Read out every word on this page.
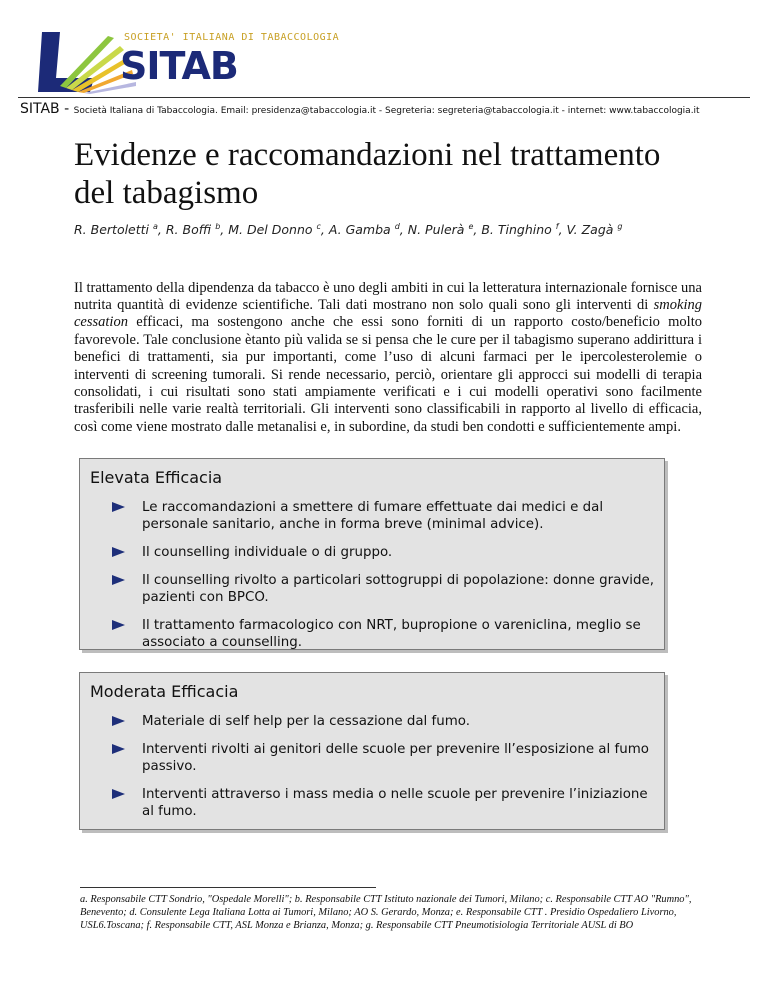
SOCIETA' ITALIANA DI TABACCOLOGIA
SITAB
SITAB - Società Italiana di Tabaccologia. Email: presidenza@tabaccologia.it - Segreteria: segreteria@tabaccologia.it - internet: www.tabaccologia.it
Evidenze e raccomandazioni nel trattamento del tabagismo
R. Bertoletti $^a$, R. Boffi $^b$, M. Del Donno $^c$, A. Gamba $^d$, N. Pulerà $^e$, B. Tinghino $^f$, V. Zagà $^g$

Il trattamento della dipendenza da tabacco è uno degli ambiti in cui la letteratura internazionale fornisce una nutrita quantità di evidenze scientifiche. Tali dati mostrano non solo quali sono gli interventi di smoking cessation efficaci, ma sostengono anche che essi sono forniti di un rapporto costo/beneficio molto favorevole. Tale conclusione ètanto più valida se si pensa che le cure per il tabagismo superano addirittura i benefici di trattamenti, sia pur importanti, come l’uso di alcuni farmaci per le ipercolesterolemie o interventi di screening tumorali. Si rende necessario, perciò, orientare gli approcci sui modelli di terapia consolidati, i cui risultati sono stati ampiamente verificati e i cui modelli operativi sono facilmente trasferibili nelle varie realtà territoriali. Gli interventi sono classificabili in rapporto al livello di efficacia, così come viene mostrato dalle metanalisi e, in subordine, da studi ben condotti e sufficientemente ampi.

Elevata Efficacia
Le raccomandazioni a smettere di fumare effettuate dai medici e dal personale sanitario, anche in forma breve (minimal advice).
Il counselling individuale o di gruppo.
Il counselling rivolto a particolari sottogruppi di popolazione: donne gravide, pazienti con BPCO.
Il trattamento farmacologico con NRT, bupropione o vareniclina, meglio se associato a counselling.
Moderata Efficacia
Materiale di self help per la cessazione dal fumo.
Interventi rivolti ai genitori delle scuole per prevenire ll’esposizione al fumo passivo.
Interventi attraverso i mass media o nelle scuole per prevenire l’iniziazione al fumo.
a. Responsabile CTT Sondrio, "Ospedale Morelli"; b. Responsabile CTT Istituto nazionale dei Tumori, Milano; c. Responsabile CTT AO "Rumno", Benevento; d. Consulente Lega Italiana Lotta ai Tumori, Milano; AO S. Gerardo, Monza; e. Responsabile CTT . Presidio Ospedaliero Livorno, USL6.Toscana; f. Responsabile CTT, ASL Monza e Brianza, Monza; g. Responsabile CTT Pneumotisiologia Territoriale AUSL di BO
